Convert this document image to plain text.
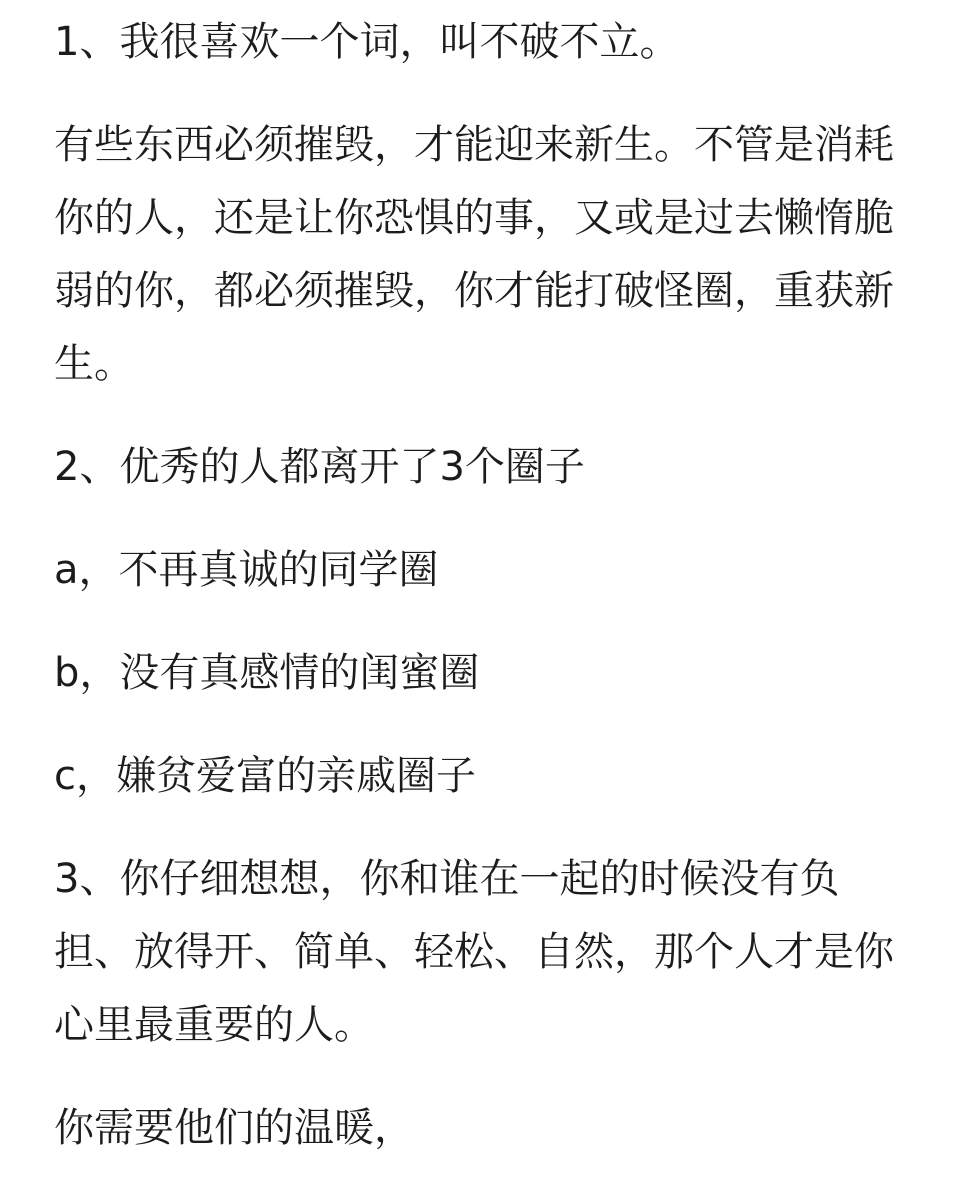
1、我很喜欢一个词，叫不破不立。

有些东西必须摧毁，才能迎来新生。不管是消耗
你的人，还是让你恐惧的事，又或是过去懒惰脆
弱的你，都必须摧毁，你才能打破怪圈，重获新
生。

2、优秀的人都离开了3个圈子

a，不再真诚的同学圈

b，没有真感情的闺蜜圈

c，嫌贫爱富的亲戚圈子

3、你仔细想想，你和谁在一起的时候没有负
担、放得开、简单、轻松、自然，那个人才是你
心里最重要的人。

你需要他们的温暖，
